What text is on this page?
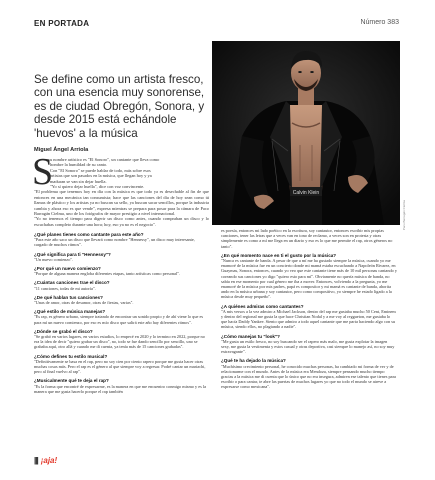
EN PORTADA	Número 383
Se define como un artista fresco, con una esencia muy sonorense, es de ciudad Obregón, Sonora, y desde 2015 está echándole 'huevos' a la música
Miguel Ángel Arriola
S
u nombre artístico es "El Sonoro", un cantante que lleva como
hombre la humildad de su canto.
Con "El Sonoro" se puede hablar de todo, más sobre esos
artistas que son pasados en la música, que llegan hoy y ya
maduran se van sin dejar huella.
"Yo sí quiero dejar huella", dice con voz convincente.
"El problema que tenemos hoy en día con la música es que todo ya es desechable al fin de que entonces en una mecánica tan consumista; hace que las canciones del día de hoy sean como tú llamas de plástico y los artistas ya no buscan su sello, ya buscan sacar sencillos, porque la industria cambia y ahora eso es que vende", expresa mientras se prepara para posar para la cámara de Paco Barragán Cielma, uno de los fotógrafos de mayor prestigio a nivel internacional.
"Yo no tenemos el tiempo para digerir un disco como antes, cuando compraban un disco y lo escuchabas completo durante una hora; hoy, eso ya no es el negocio".
Calvin Klein
Paco Barragán Cielma
¿Qué planes tienes como cantante para este año?

"Para este año saco un disco que llevará como nombre "Hennessy", un disco muy interesante, cargado de muchos ritmos".

¿Qué significa para ti "Hennessy"?

"Un nuevo comienzo".

¿Por qué un nuevo comienzo?

"Porque de alguna manera engloba diferentes etapas, tanto artísticas como personal".

¿Cuántas canciones trae el disco?

"11 canciones, todas de mi autoría".

¿De qué hablan tus canciones?

"Unas de amor, otras de desamor, otras de fiestas, varias".

¿Qué estilo de música manejas?

"Es rap, es género urbano, siempre tratando de encontrar un sonido propio y de ahí viene lo que es para mí un nuevo comienzo, por eso es mío disco que salirá este año hay diferentes ritmos".

¿Dónde se grabó el disco?

"Se grabó en varios lugares, en varios estudios, lo empecé en 2020 y lo termino en 2022, porque no era la idea de decir "quiero grabar un disco", no, todo se fue dando sencillo por sencillo, uno se grababa aquí, otro allá y cuando me di cuenta, ya tenía más de 15 canciones grabadas".

¿Cómo defines tu estilo musical?

"Definitivamente se basa en el rap, pero no soy cien por ciento rapero porque me gusta hacer otras muchas cosas más. Pero el rap es el género al que siempre voy a regresar. Podré cantar un mariachi, pero al final vuelvo al rap".

¿Musicalmente qué te deja el rap?

"Es la forma que encontré de expresarme, es la manera en que me encuentro conmigo mismo y es la manera que me gusta hacerlo porque el rap también

es poesía, entonces mi lado poético en la escritura, soy cantautor, entonces escribir mis propias canciones, tener las letras que a veces van en tono de reclamo, a veces son en protesta y otras simplemente es como a mí me llega en un diario y eso es lo que me permite el rap, otros géneros no tanto".

¿En qué momento nace en ti el gusto por la música?

"Nunca es cantante de banda. A pesar de que a mí me ha gustado siempre la música, cuando yo me enamoré de la música fue en un concierto donde mi mamá estaba escuchando a Napoleón Rivarez, en Guaymas, Sonora, entonces, cuando yo veo que este cantante tiene más de 10 mil personas cantando y coreando sus canciones yo digo "quiero esto para mí". Obviamente no quería música de banda, no sabía en ese momento por cual género me iba a mover. Entonces, volviendo a la pregunta, yo me enamoré de la música por mis padres, papá es compositor y mi mamá es cantante de banda, ahorita ando en la música urbana y soy cantautor, pero como compositivo, yo siempre he estado ligado a la música desde muy pequeño".

¿A quiénes admiras como cantantes?

"A mis versos a la vez admiro a Michael Jackson, dentro del rap me gustaba mucho 50 Cent, Eminem y dentro del regional me gusta la que hace Christian Nodal y a me voy al reggaeton, me gustaba lo que hacía Daddy Yankee. Siento que admiro a todo aquel cantante que me parta haciendo algo con su música, siendo ellos, no plagiando a nadie".

¿Cómo manejas tu "look"?

"Me gusta un estilo fresco, no soy buscando ser el rapero más malo, me gusta explotar la imagen sexy, me gusta la vestimenta y estos casual y otras deportiva, casi siempre lo manejo así, no soy muy extravagante".

¿Qué te ha dejado la música?

"Muchísimo crecimiento personal, he conocido muchas personas, ha cambiado mi forma de ver y de relacionarme con el mundo. Antes de la música era Mendoza, siempre pensando mucho tiempo gracias a la música me di cuenta que lo único que no era insegura, admiren ese talento que tienes para escribir o para cantar, te abre las puertas de muchos lugares yo que no todo el mundo se atreve a expresarse como mexicana".

||| ¡aja!
